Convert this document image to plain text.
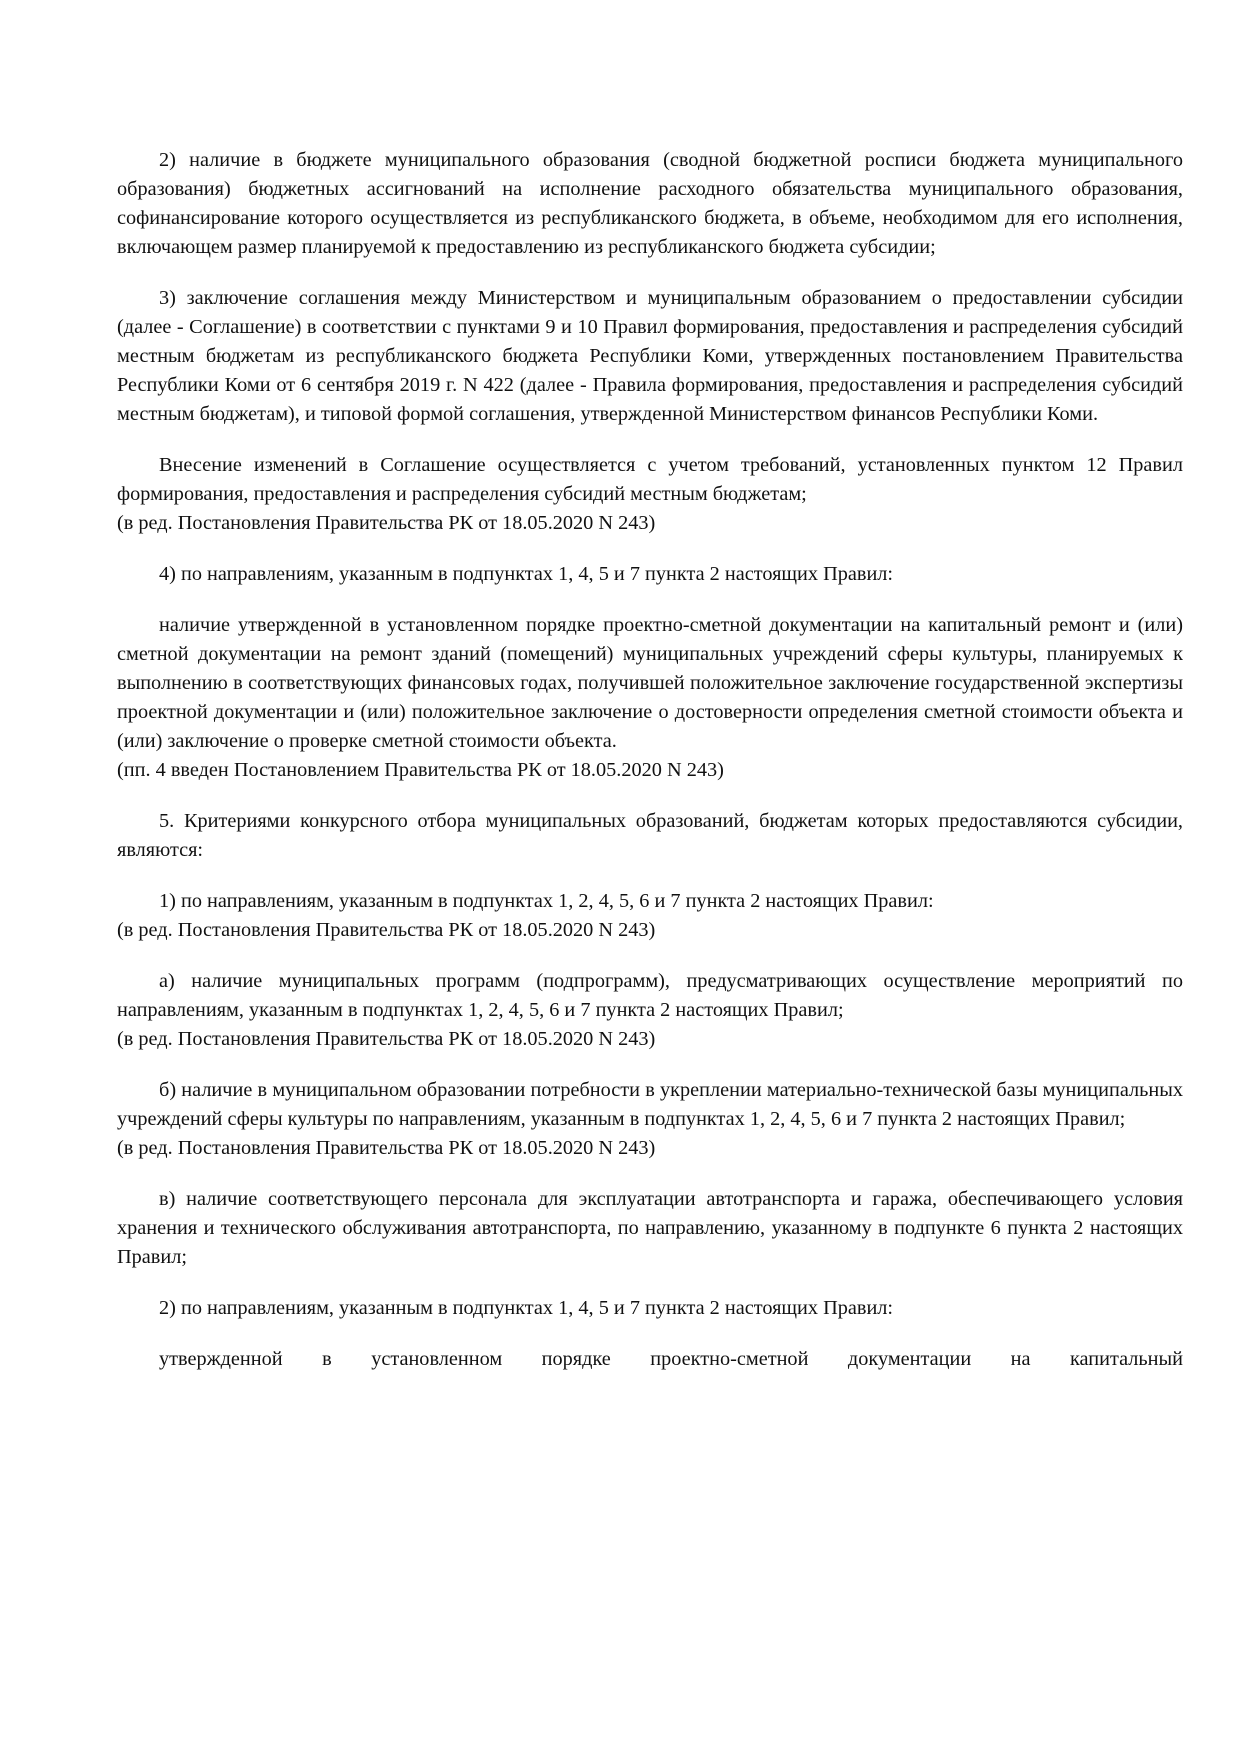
2) наличие в бюджете муниципального образования (сводной бюджетной росписи бюджета муниципального образования) бюджетных ассигнований на исполнение расходного обязательства муниципального образования, софинансирование которого осуществляется из республиканского бюджета, в объеме, необходимом для его исполнения, включающем размер планируемой к предоставлению из республиканского бюджета субсидии;

3) заключение соглашения между Министерством и муниципальным образованием о предоставлении субсидии (далее - Соглашение) в соответствии с пунктами 9 и 10 Правил формирования, предоставления и распределения субсидий местным бюджетам из республиканского бюджета Республики Коми, утвержденных постановлением Правительства Республики Коми от 6 сентября 2019 г. N 422 (далее - Правила формирования, предоставления и распределения субсидий местным бюджетам), и типовой формой соглашения, утвержденной Министерством финансов Республики Коми.

Внесение изменений в Соглашение осуществляется с учетом требований, установленных пунктом 12 Правил формирования, предоставления и распределения субсидий местным бюджетам;

(в ред. Постановления Правительства РК от 18.05.2020 N 243)

4) по направлениям, указанным в подпунктах 1, 4, 5 и 7 пункта 2 настоящих Правил:

наличие утвержденной в установленном порядке проектно-сметной документации на капитальный ремонт и (или) сметной документации на ремонт зданий (помещений) муниципальных учреждений сферы культуры, планируемых к выполнению в соответствующих финансовых годах, получившей положительное заключение государственной экспертизы проектной документации и (или) положительное заключение о достоверности определения сметной стоимости объекта и (или) заключение о проверке сметной стоимости объекта.

(пп. 4 введен Постановлением Правительства РК от 18.05.2020 N 243)

5. Критериями конкурсного отбора муниципальных образований, бюджетам которых предоставляются субсидии, являются:

1) по направлениям, указанным в подпунктах 1, 2, 4, 5, 6 и 7 пункта 2 настоящих Правил:

(в ред. Постановления Правительства РК от 18.05.2020 N 243)

а) наличие муниципальных программ (подпрограмм), предусматривающих осуществление мероприятий по направлениям, указанным в подпунктах 1, 2, 4, 5, 6 и 7 пункта 2 настоящих Правил;

(в ред. Постановления Правительства РК от 18.05.2020 N 243)

б) наличие в муниципальном образовании потребности в укреплении материально-технической базы муниципальных учреждений сферы культуры по направлениям, указанным в подпунктах 1, 2, 4, 5, 6 и 7 пункта 2 настоящих Правил;

(в ред. Постановления Правительства РК от 18.05.2020 N 243)

в) наличие соответствующего персонала для эксплуатации автотранспорта и гаража, обеспечивающего условия хранения и технического обслуживания автотранспорта, по направлению, указанному в подпункте 6 пункта 2 настоящих Правил;

2) по направлениям, указанным в подпунктах 1, 4, 5 и 7 пункта 2 настоящих Правил:

утвержденной в установленном порядке проектно-сметной документации на капитальный
